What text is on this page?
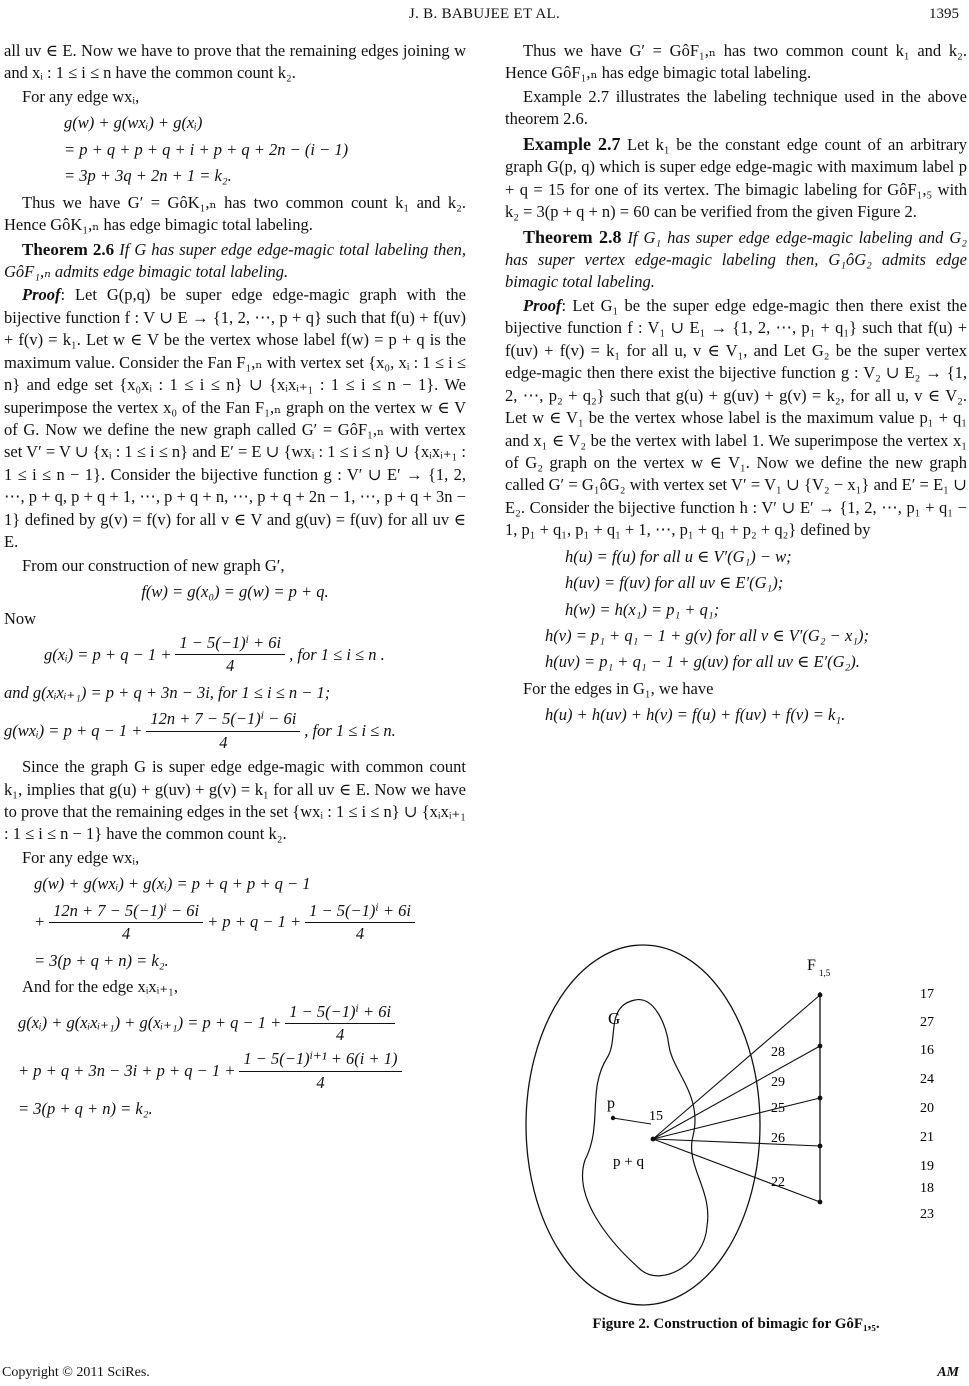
J. B. BABUJEE ET AL.	1395

all uv ∈ E. Now we have to prove that the remaining edges joining w and xᵢ : 1 ≤ i ≤ n have the common count k₂.

For any edge wxᵢ,

g(w) + g(wxᵢ) + g(xᵢ)
= p + q + p + q + i + p + q + 2n − (i − 1)
= 3p + 3q + 2n + 1 = k₂.

Thus we have G′ = GôK₁,ₙ has two common count k₁ and k₂. Hence GôK₁,ₙ has edge bimagic total labeling.

Theorem 2.6 If G has super edge edge-magic total labeling then, GôF₁,ₙ admits edge bimagic total labeling.

Proof: Let G(p,q) be super edge edge-magic graph with the bijective function f : V ∪ E → {1, 2, ⋯, p + q} such that f(u) + f(uv) + f(v) = k₁. Let w ∈ V be the vertex whose label f(w) = p + q is the maximum value. Consider the Fan F₁,ₙ with vertex set {x₀, xᵢ : 1 ≤ i ≤ n} and edge set {x₀xᵢ : 1 ≤ i ≤ n} ∪ {xᵢxᵢ₊₁ : 1 ≤ i ≤ n − 1}. We superimpose the vertex x₀ of the Fan F₁,ₙ graph on the vertex w ∈ V of G. Now we define the new graph called G′ = GôF₁,ₙ with vertex set V′ = V ∪ {xᵢ : 1 ≤ i ≤ n} and E′ = E ∪ {wxᵢ : 1 ≤ i ≤ n} ∪ {xᵢxᵢ₊₁ : 1 ≤ i ≤ n − 1}. Consider the bijective function g : V′ ∪ E′ → {1, 2, ⋯, p + q, p + q + 1, ⋯, p + q + n, ⋯, p + q + 2n − 1, ⋯, p + q + 3n − 1} defined by g(v) = f(v) for all v ∈ V and g(uv) = f(uv) for all uv ∈ E.

From our construction of new graph G′,

f(w) = g(x₀) = g(w) = p + q.

Now

g(xᵢ) = $p + q - 1 + \frac{\text{1 − 5(−1)ⁱ + 6i}}{4}$ , for 1 ≤ i ≤ n .
and g(xᵢxᵢ₊₁) = p + q + 3n − 3i, for 1 ≤ i ≤ n − 1;
g(wxᵢ) = $p + q - 1 + \frac{\text{12n + 7 − 5(−1)ⁱ − 6i}}{4}$ , for 1 ≤ i ≤ n.

Since the graph G is super edge edge-magic with common count k₁, implies that g(u) + g(uv) + g(v) = k₁ for all uv ∈ E. Now we have to prove that the remaining edges in the set {wxᵢ : 1 ≤ i ≤ n} ∪ {xᵢxᵢ₊₁ : 1 ≤ i ≤ n − 1} have the common count k₂.

For any edge wxᵢ,

g(w) + g(wxᵢ) + g(xᵢ) = p + q + p + q − 1
+ $\frac{\text{12n + 7 − 5(−1)ⁱ − 6i}}{4} + p + q - 1 + \frac{\text{1 − 5(−1)ⁱ + 6i}}{4}$
= 3(p + q + n) = k₂.

And for the edge xᵢxᵢ₊₁,

g(xᵢ) + g(xᵢxᵢ₊₁) + g(xᵢ₊₁) = $p + q - 1 + \frac{\text{1 − 5(−1)ⁱ + 6i}}{4}$
+ $p + q + 3n - 3i + p + q - 1 + \frac{\text{1 − 5(−1)ⁱ⁺¹ + 6(i + 1)}}{4}$
= 3(p + q + n) = k₂.

Thus we have G′ = GôF₁,ₙ has two common count k₁ and k₂. Hence GôF₁,ₙ has edge bimagic total labeling.

Example 2.7 illustrates the labeling technique used in the above theorem 2.6.

Example 2.7 Let k₁ be the constant edge count of an arbitrary graph G(p, q) which is super edge edge-magic with maximum label p + q = 15 for one of its vertex. The bimagic labeling for GôF₁,₅ with k₂ = 3(p + q + n) = 60 can be verified from the given Figure 2.

Theorem 2.8 If G₁ has super edge edge-magic labeling and G₂ has super vertex edge-magic labeling then, G₁ôG₂ admits edge bimagic total labeling.

Proof: Let G₁ be the super edge edge-magic then there exist the bijective function f : V₁ ∪ E₁ → {1, 2, ⋯, p₁ + q₁} such that f(u) + f(uv) + f(v) = k₁ for all u, v ∈ V₁, and Let G₂ be the super vertex edge-magic then there exist the bijective function g : V₂ ∪ E₂ → {1, 2, ⋯, p₂ + q₂} such that g(u) + g(uv) + g(v) = k₂, for all u, v ∈ V₂. Let w ∈ V₁ be the vertex whose label is the maximum value p₁ + q₁ and x₁ ∈ V₂ be the vertex with label 1. We superimpose the vertex x₁ of G₂ graph on the vertex w ∈ V₁. Now we define the new graph called G′ = G₁ôG₂ with vertex set V′ = V₁ ∪ {V₂ − x₁} and E′ = E₁ ∪ E₂. Consider the bijective function h : V′ ∪ E′ → {1, 2, ⋯, p₁ + q₁ − 1, p₁ + q₁, p₁ + q₁ + 1, ⋯, p₁ + q₁ + p₂ + q₂} defined by

h(u) = f(u) for all u ∈ V′(G₁) − w;
h(uv) = f(uv) for all uv ∈ E′(G₁);
h(w) = h(x₁) = p₁ + q₁;
h(v) = p₁ + q₁ − 1 + g(v) for all v ∈ V′(G₂ − x₁);
h(uv) = p₁ + q₁ − 1 + g(uv) for all uv ∈ E′(G₂).

For the edges in G₁, we have

h(u) + h(uv) + h(v) = f(u) + f(uv) + f(v) = k₁.
G
p
15
p + q
F 1,5
28
29
25
26
22
17
27
16
24
20
21
19
18
23
Figure 2. Construction of bimagic for GôF₁,₅.
Copyright © 2011 SciRes.	AM
